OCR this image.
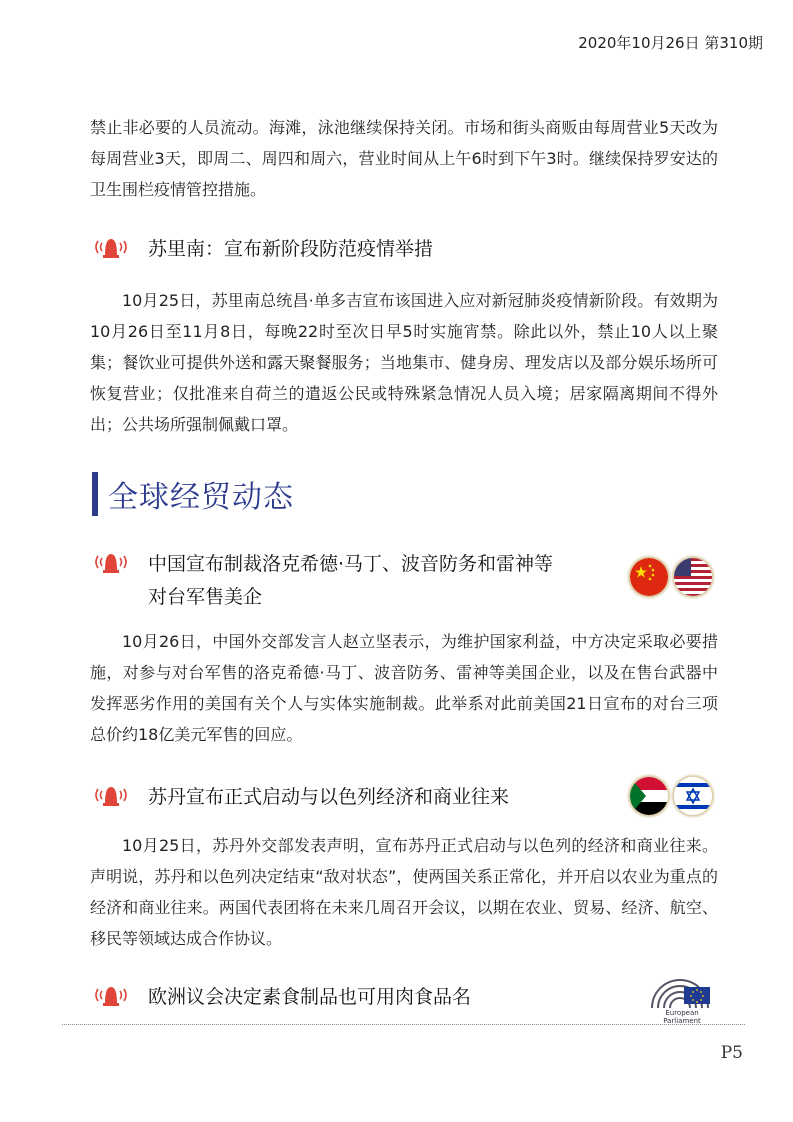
2020年10月26日 第310期

禁止非必要的人员流动。海滩，泳池继续保持关闭。市场和街头商贩由每周营业5天改为每周营业3天，即周二、周四和周六，营业时间从上午6时到下午3时。继续保持罗安达的卫生围栏疫情管控措施。

苏里南：宣布新阶段防范疫情举措

10月25日，苏里南总统昌·单多吉宣布该国进入应对新冠肺炎疫情新阶段。有效期为10月26日至11月8日，每晚22时至次日早5时实施宵禁。除此以外，禁止10人以上聚集；餐饮业可提供外送和露天聚餐服务；当地集市、健身房、理发店以及部分娱乐场所可恢复营业；仅批准来自荷兰的遣返公民或特殊紧急情况人员入境；居家隔离期间不得外出；公共场所强制佩戴口罩。

全球经贸动态
中国宣布制裁洛克希德·马丁、波音防务和雷神等
对台军售美企

10月26日，中国外交部发言人赵立坚表示，为维护国家利益，中方决定采取必要措施，对参与对台军售的洛克希德·马丁、波音防务、雷神等美国企业，以及在售台武器中发挥恶劣作用的美国有关个人与实体实施制裁。此举系对此前美国21日宣布的对台三项总价约18亿美元军售的回应。

苏丹宣布正式启动与以色列经济和商业往来

10月25日，苏丹外交部发表声明，宣布苏丹正式启动与以色列的经济和商业往来。声明说，苏丹和以色列决定结束“敌对状态”，使两国关系正常化，并开启以农业为重点的经济和商业往来。两国代表团将在未来几周召开会议，以期在农业、贸易、经济、航空、移民等领域达成合作协议。

欧洲议会决定素食制品也可用肉食品名
European Parliament
P5
